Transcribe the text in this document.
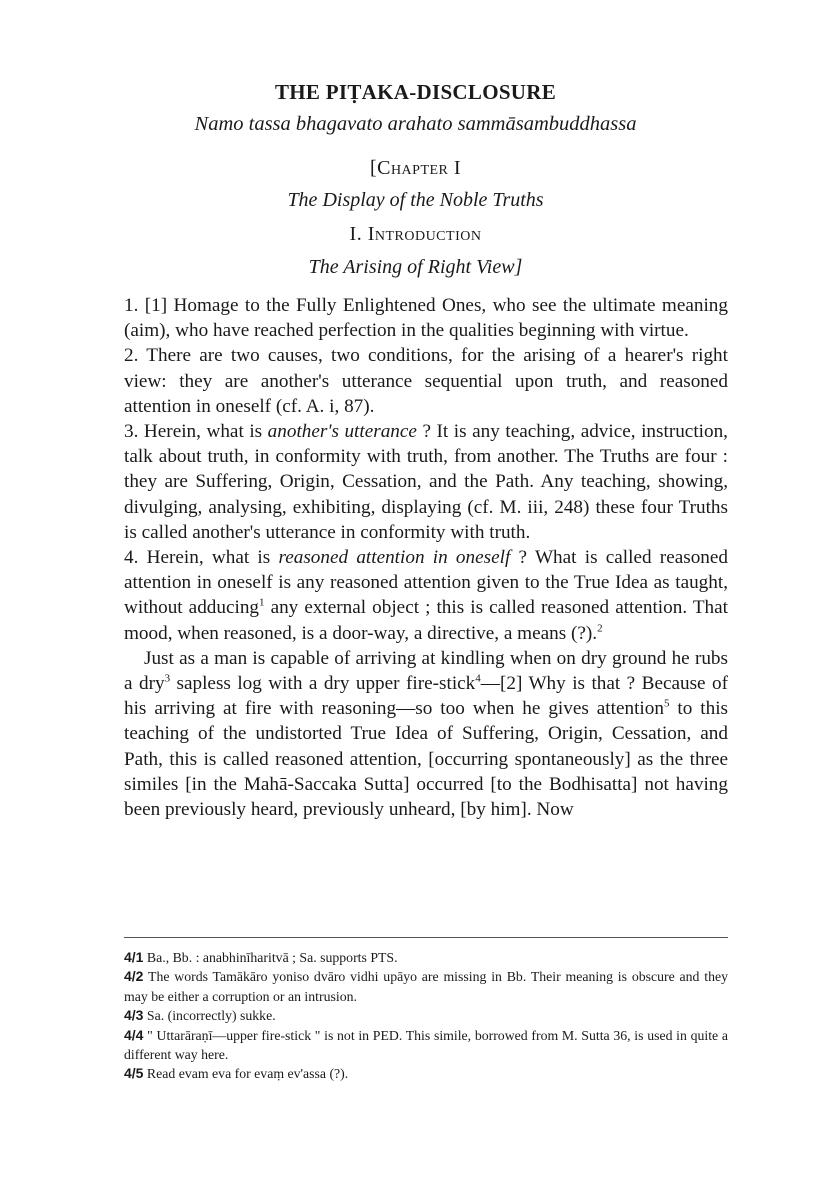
THE PIṬAKA-DISCLOSURE

Namo tassa bhagavato arahato sammāsambuddhassa

[Chapter I

The Display of the Noble Truths

I. Introduction

The Arising of Right View]

1. [1] Homage to the Fully Enlightened Ones, who see the ultimate meaning (aim), who have reached perfection in the qualities beginning with virtue.

2. There are two causes, two conditions, for the arising of a hearer's right view: they are another's utterance sequential upon truth, and reasoned attention in oneself (cf. A. i, 87).

3. Herein, what is another's utterance ? It is any teaching, advice, instruction, talk about truth, in conformity with truth, from another. The Truths are four : they are Suffering, Origin, Cessation, and the Path. Any teaching, showing, divulging, analysing, exhibiting, displaying (cf. M. iii, 248) these four Truths is called another's utterance in conformity with truth.

4. Herein, what is reasoned attention in oneself ? What is called reasoned attention in oneself is any reasoned attention given to the True Idea as taught, without adducing$^1$ any external object ; this is called reasoned attention. That mood, when reasoned, is a door-way, a directive, a means (?).$^2$

Just as a man is capable of arriving at kindling when on dry ground he rubs a dry$^3$ sapless log with a dry upper fire-stick$^4$—[2] Why is that ? Because of his arriving at fire with reasoning—so too when he gives attention$^5$ to this teaching of the undistorted True Idea of Suffering, Origin, Cessation, and Path, this is called reasoned attention, [occurring spontaneously] as the three similes [in the Mahā-Saccaka Sutta] occurred [to the Bodhisatta] not having been previously heard, previously unheard, [by him]. Now

4/1 Ba., Bb. : anabhinīharitvā ; Sa. supports PTS.

4/2 The words Tamākāro yoniso dvāro vidhi upāyo are missing in Bb. Their meaning is obscure and they may be either a corruption or an intrusion.

4/3 Sa. (incorrectly) sukke.

4/4 " Uttarāraṇī—upper fire-stick " is not in PED. This simile, borrowed from M. Sutta 36, is used in quite a different way here.

4/5 Read evam eva for evaṃ ev'assa (?).
